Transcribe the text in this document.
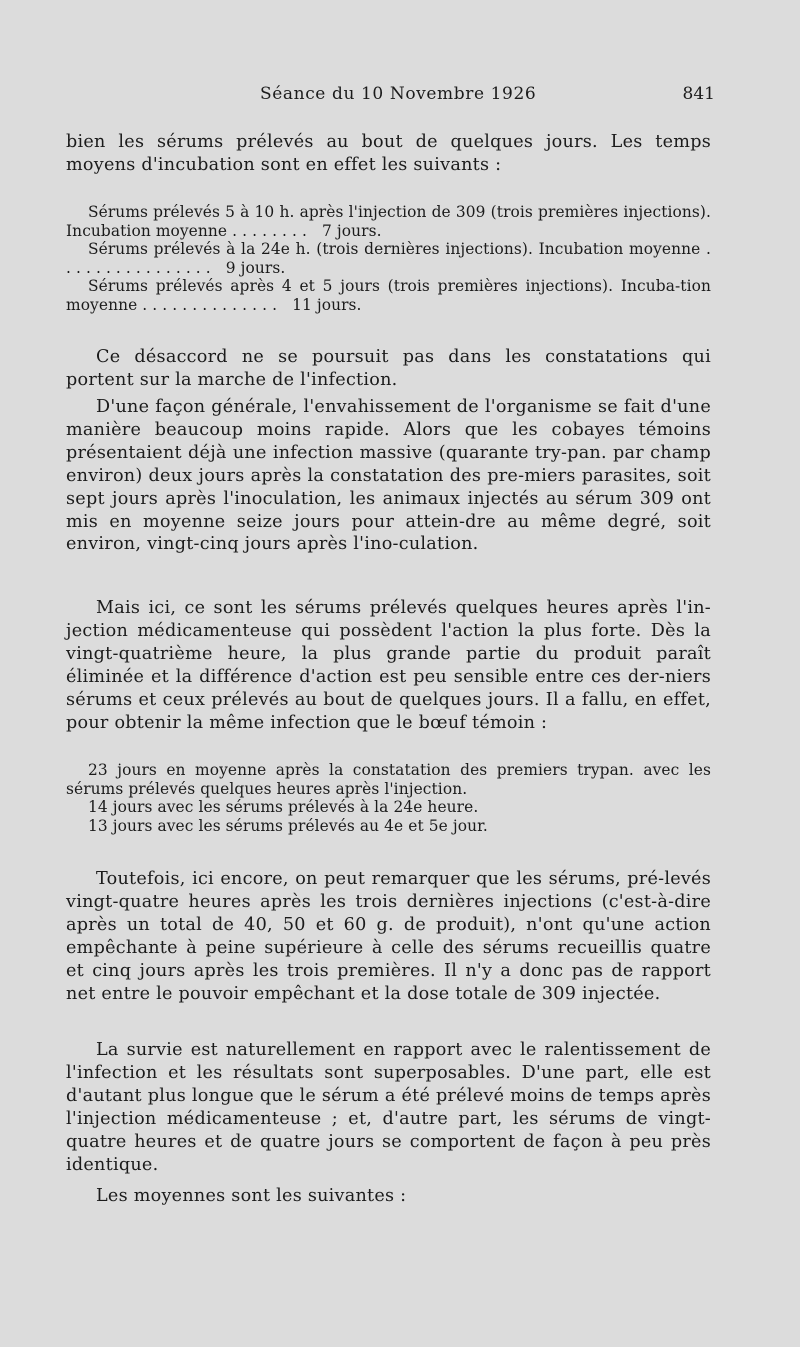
Séance du 10 Novembre 1926	841

bien les sérums prélevés au bout de quelques jours. Les temps moyens d'incubation sont en effet les suivants :

Sérums prélevés 5 à 10 h. après l'injection de 309 (trois premières injections). Incubation moyenne . . . . . . . .   7 jours.
Sérums prélevés à la 24e h. (trois dernières injections). Incubation moyenne . . . . . . . . . . . . . . . .   9 jours.
Sérums prélevés après 4 et 5 jours (trois premières injections). Incuba-tion moyenne . . . . . . . . . . . . . .   11 jours.

Ce désaccord ne se poursuit pas dans les constatations qui portent sur la marche de l'infection.

D'une façon générale, l'envahissement de l'organisme se fait d'une manière beaucoup moins rapide. Alors que les cobayes témoins présentaient déjà une infection massive (quarante try-pan. par champ environ) deux jours après la constatation des pre-miers parasites, soit sept jours après l'inoculation, les animaux injectés au sérum 309 ont mis en moyenne seize jours pour attein-dre au même degré, soit environ, vingt-cinq jours après l'ino-culation.

Mais ici, ce sont les sérums prélevés quelques heures après l'in-jection médicamenteuse qui possèdent l'action la plus forte. Dès la vingt-quatrième heure, la plus grande partie du produit paraît éliminée et la différence d'action est peu sensible entre ces der-niers sérums et ceux prélevés au bout de quelques jours. Il a fallu, en effet, pour obtenir la même infection que le bœuf témoin :

23 jours en moyenne après la constatation des premiers trypan. avec les sérums prélevés quelques heures après l'injection.

14 jours avec les sérums prélevés à la 24e heure.

13 jours avec les sérums prélevés au 4e et 5e jour.

Toutefois, ici encore, on peut remarquer que les sérums, pré-levés vingt-quatre heures après les trois dernières injections (c'est-à-dire après un total de 40, 50 et 60 g. de produit), n'ont qu'une action empêchante à peine supérieure à celle des sérums recueillis quatre et cinq jours après les trois premières. Il n'y a donc pas de rapport net entre le pouvoir empêchant et la dose totale de 309 injectée.

La survie est naturellement en rapport avec le ralentissement de l'infection et les résultats sont superposables. D'une part, elle est d'autant plus longue que le sérum a été prélevé moins de temps après l'injection médicamenteuse ; et, d'autre part, les sérums de vingt-quatre heures et de quatre jours se comportent de façon à peu près identique.

Les moyennes sont les suivantes :
